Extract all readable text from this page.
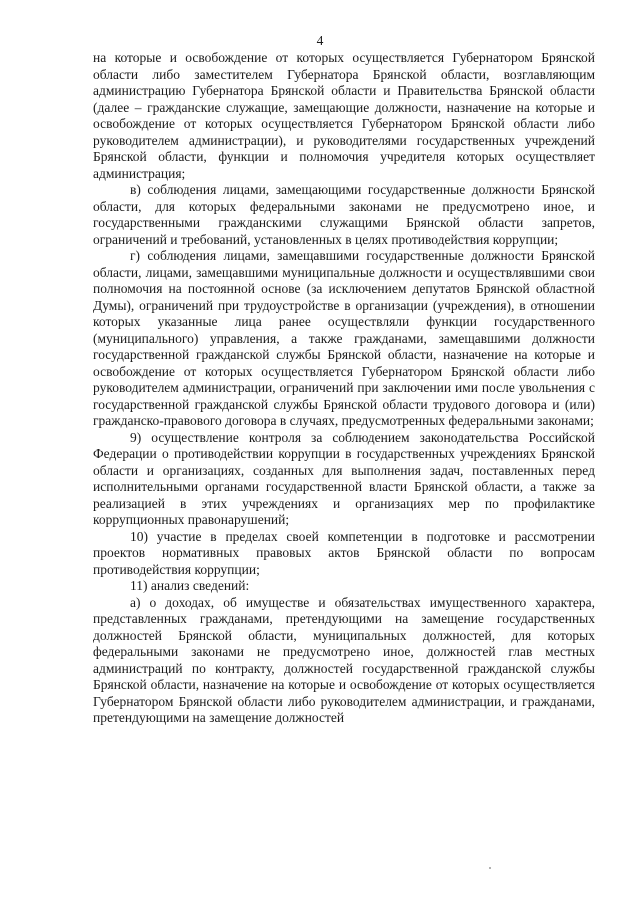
4

на которые и освобождение от которых осуществляется Губернатором Брянской области либо заместителем Губернатора Брянской области, возглавляющим администрацию Губернатора Брянской области и Правительства Брянской области (далее – гражданские служащие, замещающие должности, назначение на которые и освобождение от которых осуществляется Губернатором Брянской области либо руководителем администрации), и руководителями государственных учреждений Брянской области, функции и полномочия учредителя которых осуществляет администрация;

в) соблюдения лицами, замещающими государственные должности Брянской области, для которых федеральными законами не предусмотрено иное, и государственными гражданскими служащими Брянской области запретов, ограничений и требований, установленных в целях противодействия коррупции;

г) соблюдения лицами, замещавшими государственные должности Брянской области, лицами, замещавшими муниципальные должности и осуществлявшими свои полномочия на постоянной основе (за исключением депутатов Брянской областной Думы), ограничений при трудоустройстве в организации (учреждения), в отношении которых указанные лица ранее осуществляли функции государственного (муниципального) управления, а также гражданами, замещавшими должности государственной гражданской службы Брянской области, назначение на которые и освобождение от которых осуществляется Губернатором Брянской области либо руководителем администрации, ограничений при заключении ими после увольнения с государственной гражданской службы Брянской области трудового договора и (или) гражданско-правового договора в случаях, предусмотренных федеральными законами;

9) осуществление контроля за соблюдением законодательства Российской Федерации о противодействии коррупции в государственных учреждениях Брянской области и организациях, созданных для выполнения задач, поставленных перед исполнительными органами государственной власти Брянской области, а также за реализацией в этих учреждениях и организациях мер по профилактике коррупционных правонарушений;

10) участие в пределах своей компетенции в подготовке и рассмотрении проектов нормативных правовых актов Брянской области по вопросам противодействия коррупции;

11) анализ сведений:

а) о доходах, об имуществе и обязательствах имущественного характера, представленных гражданами, претендующими на замещение государственных должностей Брянской области, муниципальных должностей, для которых федеральными законами не предусмотрено иное, должностей глав местных администраций по контракту, должностей государственной гражданской службы Брянской области, назначение на которые и освобождение от которых осуществляется Губернатором Брянской области либо руководителем администрации, и гражданами, претендующими на замещение должностей
